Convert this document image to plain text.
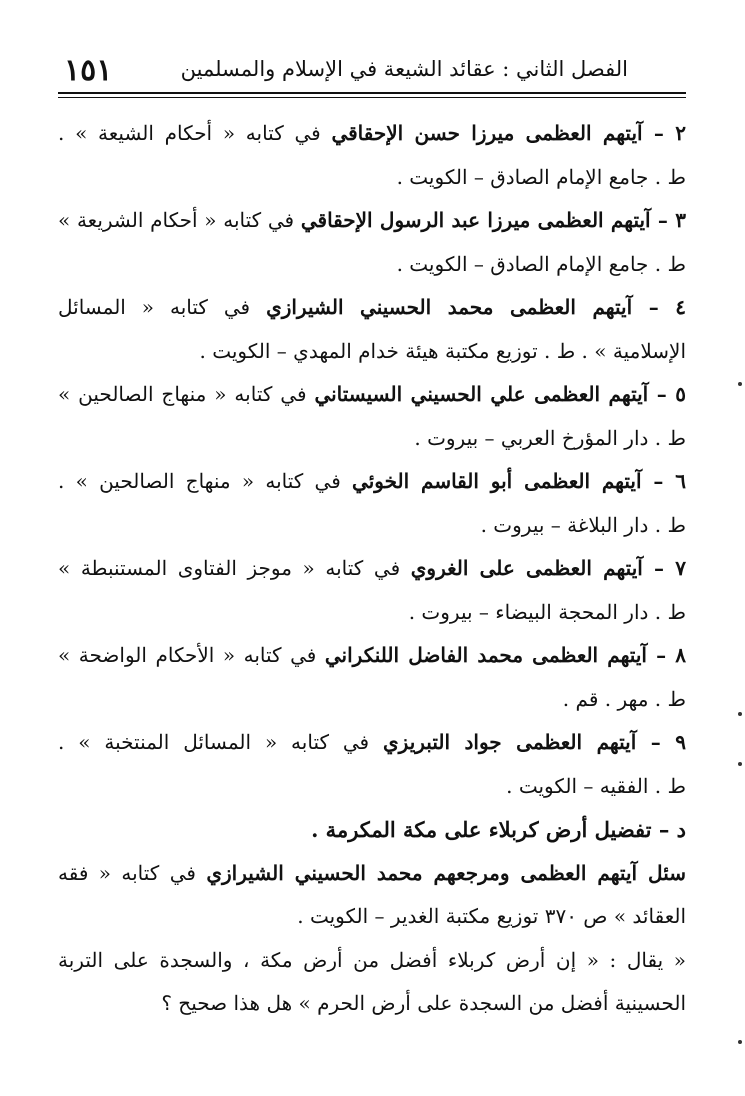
١٥١	الفصل الثاني : عقائد الشيعة في الإسلام والمسلمين
٢ – آيتهم العظمى ميرزا حسن الإحقاقي في كتابه « أحكام الشيعة » .
ط . جامع الإمام الصادق – الكويت .
٣ – آيتهم العظمى ميرزا عبد الرسول الإحقاقي في كتابه « أحكام الشريعة »
ط . جامع الإمام الصادق – الكويت .
٤ – آيتهم العظمى محمد الحسيني الشيرازي في كتابه « المسائل
الإسلامية » . ط . توزيع مكتبة هيئة خدام المهدي – الكويت .
٥ – آيتهم العظمى علي الحسيني السيستاني في كتابه « منهاج الصالحين »
ط . دار المؤرخ العربي – بيروت .
٦ – آيتهم العظمى أبو القاسم الخوئي في كتابه « منهاج الصالحين » .
ط . دار البلاغة – بيروت .
٧ – آيتهم العظمى على الغروي في كتابه « موجز الفتاوى المستنبطة »
ط . دار المحجة البيضاء – بيروت .
٨ – آيتهم العظمى محمد الفاضل اللنكراني في كتابه « الأحكام الواضحة »
ط . مهر . قم .
٩ – آيتهم العظمى جواد التبريزي في كتابه « المسائل المنتخبة » .
ط . الفقيه – الكويت .
د – تفضيل أرض كربلاء على مكة المكرمة .
سئل آيتهم العظمى ومرجعهم محمد الحسيني الشيرازي في كتابه « فقه
العقائد » ص ٣٧٠ توزيع مكتبة الغدير – الكويت .
« يقال : « إن أرض كربلاء أفضل من أرض مكة ، والسجدة على التربة
الحسينية أفضل من السجدة على أرض الحرم » هل هذا صحيح ؟
